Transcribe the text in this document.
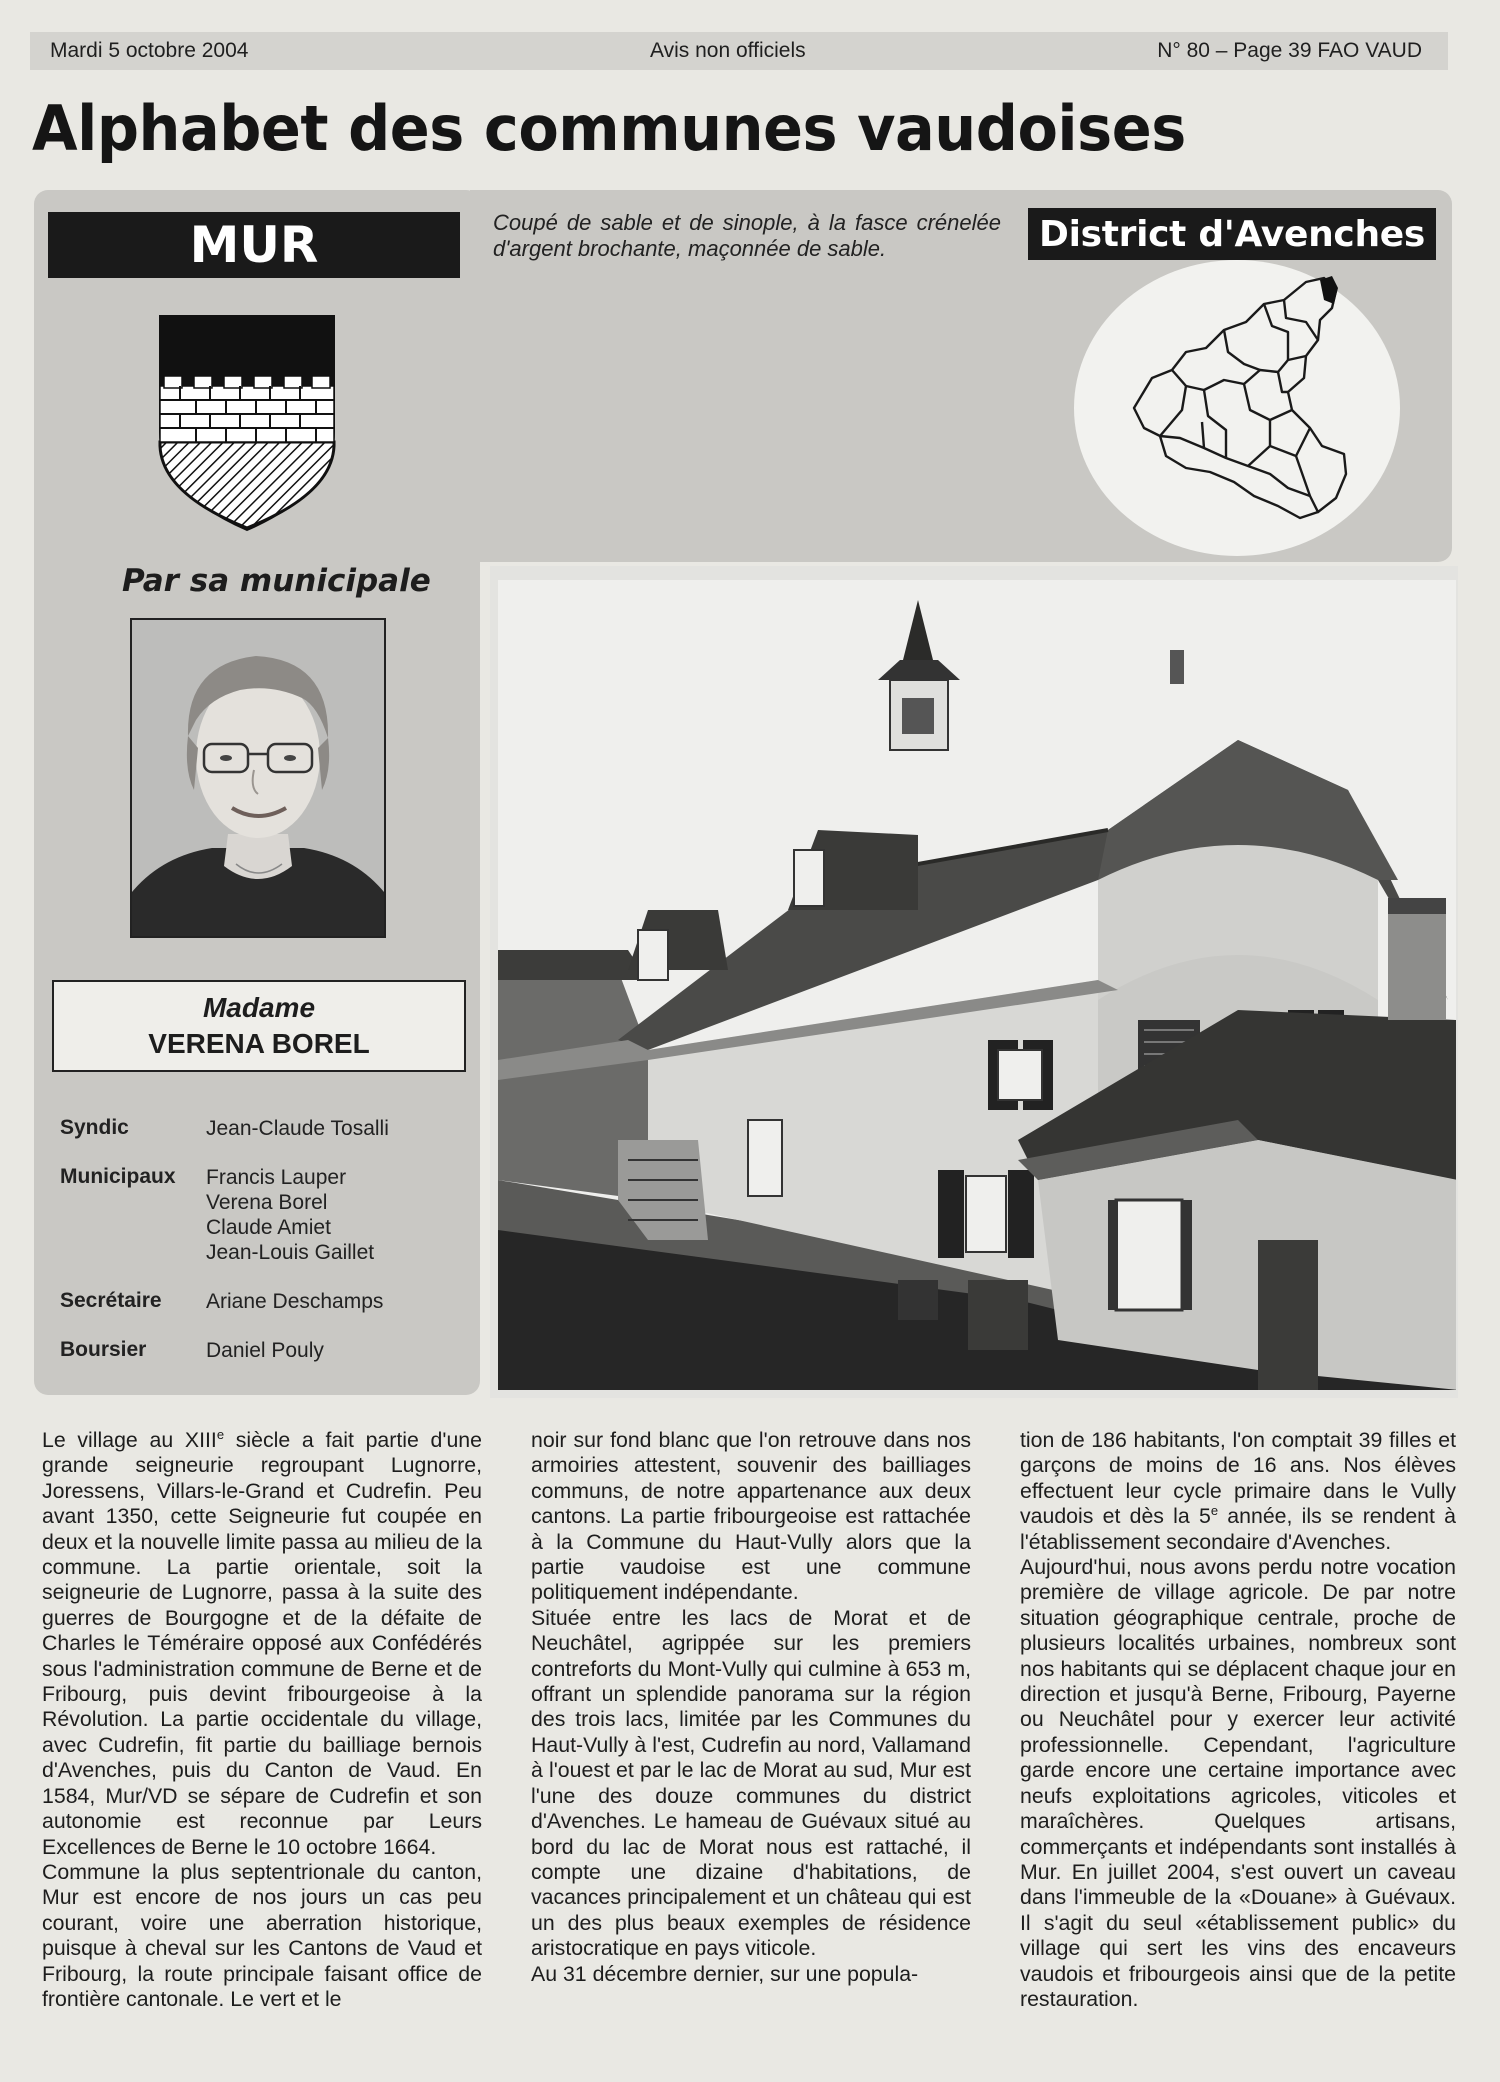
Mardi 5 octobre 2004	Avis non officiels	N° 80 – Page 39 FAO VAUD
Alphabet des communes vaudoises
MUR	Coupé de sable et de sinople, à la fasce crénelée d'argent brochante, maçonnée de sable.	District d'Avenches
Par sa municipale
Madame
VERENA BOREL
Syndic	Jean-Claude Tosalli
Municipaux	Francis Lauper
Verena Borel
Claude Amiet
Jean-Louis Gaillet
Secrétaire	Ariane Deschamps
Boursier	Daniel Pouly

Le village au XIIIe siècle a fait partie d'une grande seigneurie regroupant Lugnorre, Joressens, Villars-le-Grand et Cudrefin. Peu avant 1350, cette Seigneurie fut coupée en deux et la nouvelle limite passa au milieu de la commune. La partie orientale, soit la seigneurie de Lugnorre, passa à la suite des guerres de Bourgogne et de la défaite de Charles le Téméraire opposé aux Confédérés sous l'administration commune de Berne et de Fribourg, puis devint fribourgeoise à la Révolution. La partie occidentale du village, avec Cudrefin, fit partie du bailliage bernois d'Avenches, puis du Canton de Vaud. En 1584, Mur/VD se sépare de Cudrefin et son autonomie est reconnue par Leurs Excellences de Berne le 10 octobre 1664.

Commune la plus septentrionale du canton, Mur est encore de nos jours un cas peu courant, voire une aberration historique, puisque à cheval sur les Cantons de Vaud et Fribourg, la route principale faisant office de frontière cantonale. Le vert et le

noir sur fond blanc que l'on retrouve dans nos armoiries attestent, souvenir des bailliages communs, de notre appartenance aux deux cantons. La partie fribourgeoise est rattachée à la Commune du Haut-Vully alors que la partie vaudoise est une commune politiquement indépendante.

Située entre les lacs de Morat et de Neuchâtel, agrippée sur les premiers contreforts du Mont-Vully qui culmine à 653 m, offrant un splendide panorama sur la région des trois lacs, limitée par les Communes du Haut-Vully à l'est, Cudrefin au nord, Vallamand à l'ouest et par le lac de Morat au sud, Mur est l'une des douze communes du district d'Avenches. Le hameau de Guévaux situé au bord du lac de Morat nous est rattaché, il compte une dizaine d'habitations, de vacances principalement et un château qui est un des plus beaux exemples de résidence aristocratique en pays viticole.

Au 31 décembre dernier, sur une popula-

tion de 186 habitants, l'on comptait 39 filles et garçons de moins de 16 ans. Nos élèves effectuent leur cycle primaire dans le Vully vaudois et dès la 5e année, ils se rendent à l'établissement secondaire d'Avenches.

Aujourd'hui, nous avons perdu notre vocation première de village agricole. De par notre situation géographique centrale, proche de plusieurs localités urbaines, nombreux sont nos habitants qui se déplacent chaque jour en direction et jusqu'à Berne, Fribourg, Payerne ou Neuchâtel pour y exercer leur activité professionnelle. Cependant, l'agriculture garde encore une certaine importance avec neufs exploitations agricoles, viticoles et maraîchères. Quelques artisans, commerçants et indépendants sont installés à Mur. En juillet 2004, s'est ouvert un caveau dans l'immeuble de la «Douane» à Guévaux. Il s'agit du seul «établissement public» du village qui sert les vins des encaveurs vaudois et fribourgeois ainsi que de la petite restauration.
